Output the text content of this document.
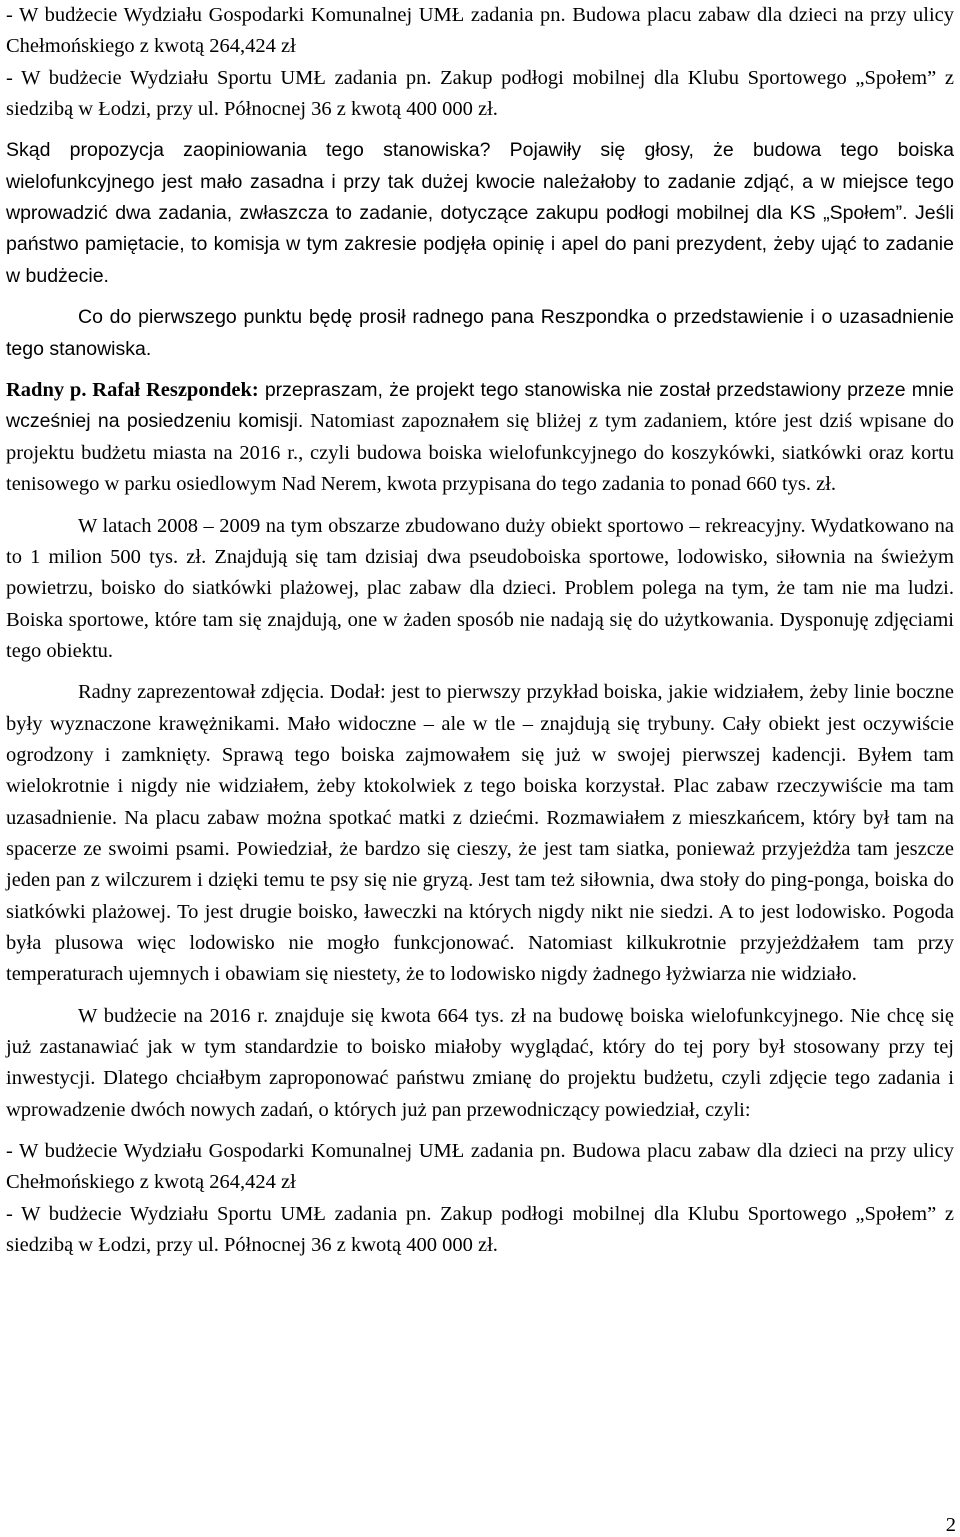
- W budżecie Wydziału Gospodarki Komunalnej UMŁ zadania pn. Budowa placu zabaw dla dzieci na przy ulicy Chełmońskiego z kwotą 264,424 zł

- W budżecie Wydziału Sportu UMŁ zadania pn. Zakup podłogi mobilnej dla Klubu Sportowego „Społem” z siedzibą w Łodzi, przy ul. Północnej 36 z kwotą 400 000 zł.

Skąd propozycja zaopiniowania tego stanowiska? Pojawiły się głosy, że budowa tego boiska wielofunkcyjnego jest mało zasadna i przy tak dużej kwocie należałoby to zadanie zdjąć, a w miejsce tego wprowadzić dwa zadania, zwłaszcza to zadanie, dotyczące zakupu podłogi mobilnej dla KS „Społem”. Jeśli państwo pamiętacie, to komisja w tym zakresie podjęła opinię i apel do pani prezydent, żeby ująć to zadanie w budżecie.

Co do pierwszego punktu będę prosił radnego pana Reszpondka o przedstawienie i o uzasadnienie tego stanowiska.

Radny p. Rafał Reszpondek: przepraszam, że projekt tego stanowiska nie został przedstawiony przeze mnie wcześniej na posiedzeniu komisji. Natomiast zapoznałem się bliżej z tym zadaniem, które jest dziś wpisane do projektu budżetu miasta na 2016 r., czyli budowa boiska wielofunkcyjnego do koszykówki, siatkówki oraz kortu tenisowego w parku osiedlowym Nad Nerem, kwota przypisana do tego zadania to ponad 660 tys. zł.

W latach 2008 – 2009 na tym obszarze zbudowano duży obiekt sportowo – rekreacyjny. Wydatkowano na to 1 milion 500 tys. zł. Znajdują się tam dzisiaj dwa pseudoboiska sportowe, lodowisko, siłownia na świeżym powietrzu, boisko do siatkówki plażowej, plac zabaw dla dzieci. Problem polega na tym, że tam nie ma ludzi. Boiska sportowe, które tam się znajdują, one w żaden sposób nie nadają się do użytkowania. Dysponuję zdjęciami tego obiektu.

Radny zaprezentował zdjęcia. Dodał: jest to pierwszy przykład boiska, jakie widziałem, żeby linie boczne były wyznaczone krawężnikami. Mało widoczne – ale w tle – znajdują się trybuny. Cały obiekt jest oczywiście ogrodzony i zamknięty. Sprawą tego boiska zajmowałem się już w swojej pierwszej kadencji. Byłem tam wielokrotnie i nigdy nie widziałem, żeby ktokolwiek z tego boiska korzystał. Plac zabaw rzeczywiście ma tam uzasadnienie. Na placu zabaw można spotkać matki z dziećmi. Rozmawiałem z mieszkańcem, który był tam na spacerze ze swoimi psami. Powiedział, że bardzo się cieszy, że jest tam siatka, ponieważ przyjeżdża tam jeszcze jeden pan z wilczurem i dzięki temu te psy się nie gryzą. Jest tam też siłownia, dwa stoły do ping-ponga, boiska do siatkówki plażowej. To jest drugie boisko, ławeczki na których nigdy nikt nie siedzi. A to jest lodowisko. Pogoda była plusowa więc lodowisko nie mogło funkcjonować. Natomiast kilkukrotnie przyjeżdżałem tam przy temperaturach ujemnych i obawiam się niestety, że to lodowisko nigdy żadnego łyżwiarza nie widziało.

W budżecie na 2016 r. znajduje się kwota 664 tys. zł na budowę boiska wielofunkcyjnego. Nie chcę się już zastanawiać jak w tym standardzie to boisko miałoby wyglądać, który do tej pory był stosowany przy tej inwestycji. Dlatego chciałbym zaproponować państwu zmianę do projektu budżetu, czyli zdjęcie tego zadania i wprowadzenie dwóch nowych zadań, o których już pan przewodniczący powiedział, czyli:

- W budżecie Wydziału Gospodarki Komunalnej UMŁ zadania pn. Budowa placu zabaw dla dzieci na przy ulicy Chełmońskiego z kwotą 264,424 zł

- W budżecie Wydziału Sportu UMŁ zadania pn. Zakup podłogi mobilnej dla Klubu Sportowego „Społem” z siedzibą w Łodzi, przy ul. Północnej 36 z kwotą 400 000 zł.

2
